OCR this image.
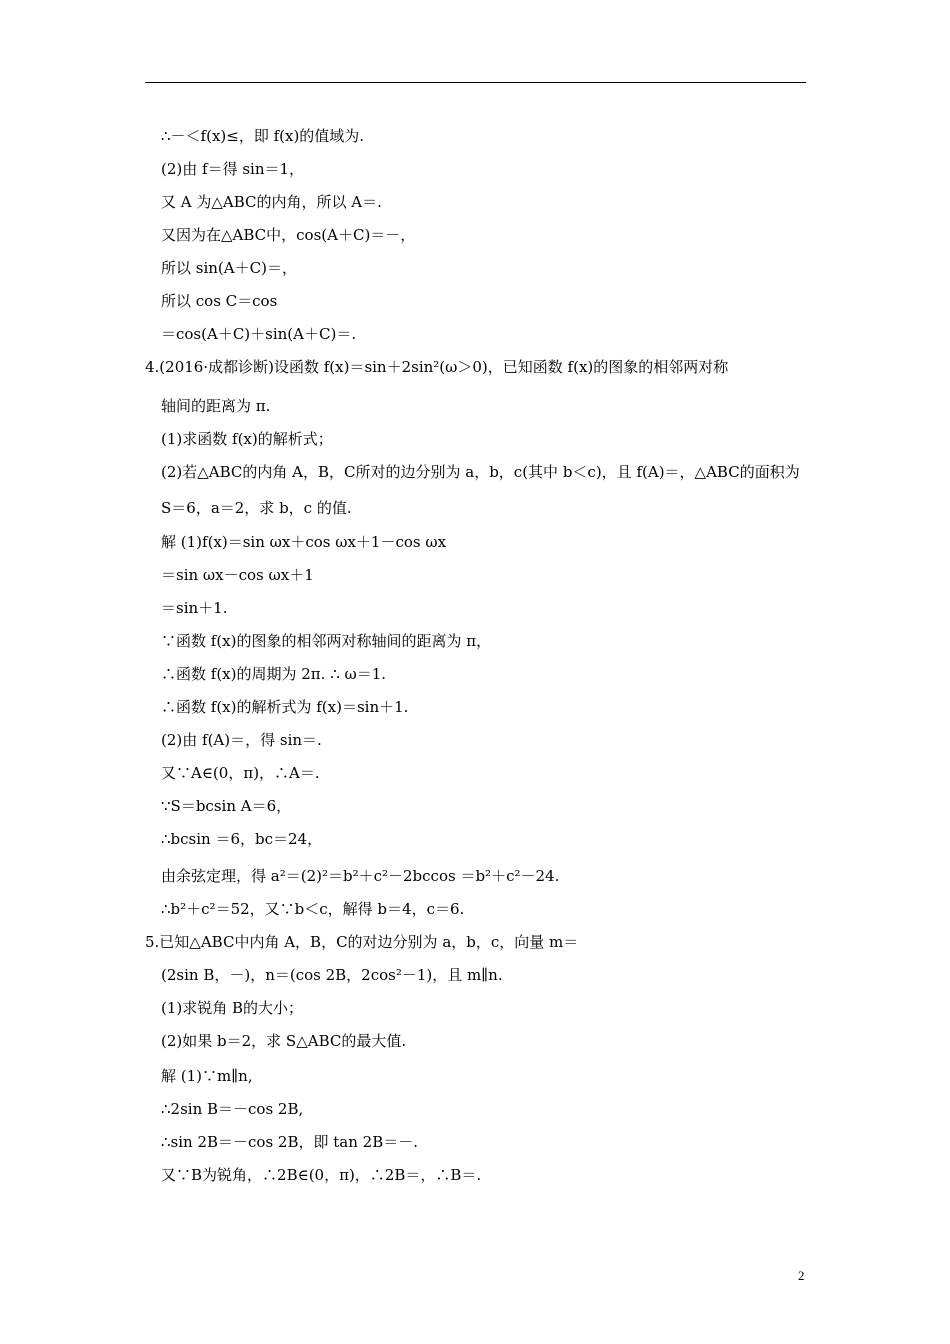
∴－＜f(x)≤，即 f(x)的值域为.
(2)由 f＝得 sin＝1，
又 A 为△ABC的内角，所以 A＝.
又因为在△ABC中，cos(A＋C)＝－，
所以 sin(A＋C)＝，
所以 cos C＝cos
＝cos(A＋C)＋sin(A＋C)＝.
4.(2016·成都诊断)设函数 f(x)＝sin＋2sin²(ω＞0)，已知函数 f(x)的图象的相邻两对称
轴间的距离为 π.
(1)求函数 f(x)的解析式；
(2)若△ABC的内角 A，B，C所对的边分别为 a，b，c(其中 b＜c)，且 f(A)＝，△ABC的面积为
S＝6，a＝2，求 b，c 的值.
解 (1)f(x)＝sin ωx＋cos ωx＋1－cos ωx
＝sin ωx－cos ωx＋1
＝sin＋1.
∵函数 f(x)的图象的相邻两对称轴间的距离为 π，
∴函数 f(x)的周期为 2π. ∴ ω＝1.
∴函数 f(x)的解析式为 f(x)＝sin＋1.
(2)由 f(A)＝，得 sin＝.
又∵A∈(0，π)，∴A＝.
∵S＝bcsin A＝6，
∴bcsin ＝6，bc＝24，
由余弦定理，得 a²＝(2)²＝b²＋c²－2bccos ＝b²＋c²－24.
∴b²＋c²＝52，又∵b＜c，解得 b＝4，c＝6.
5.已知△ABC中内角 A，B，C的对边分别为 a，b，c，向量 m＝
(2sin B，－)，n＝(cos 2B，2cos²－1)，且 m∥n.
(1)求锐角 B的大小；
(2)如果 b＝2，求 S△ABC的最大值.
解 (1)∵m∥n,
∴2sin B＝－cos 2B,
∴sin 2B＝－cos 2B，即 tan 2B＝－.
又∵B为锐角，∴2B∈(0，π)，∴2B＝，∴B＝.
2
